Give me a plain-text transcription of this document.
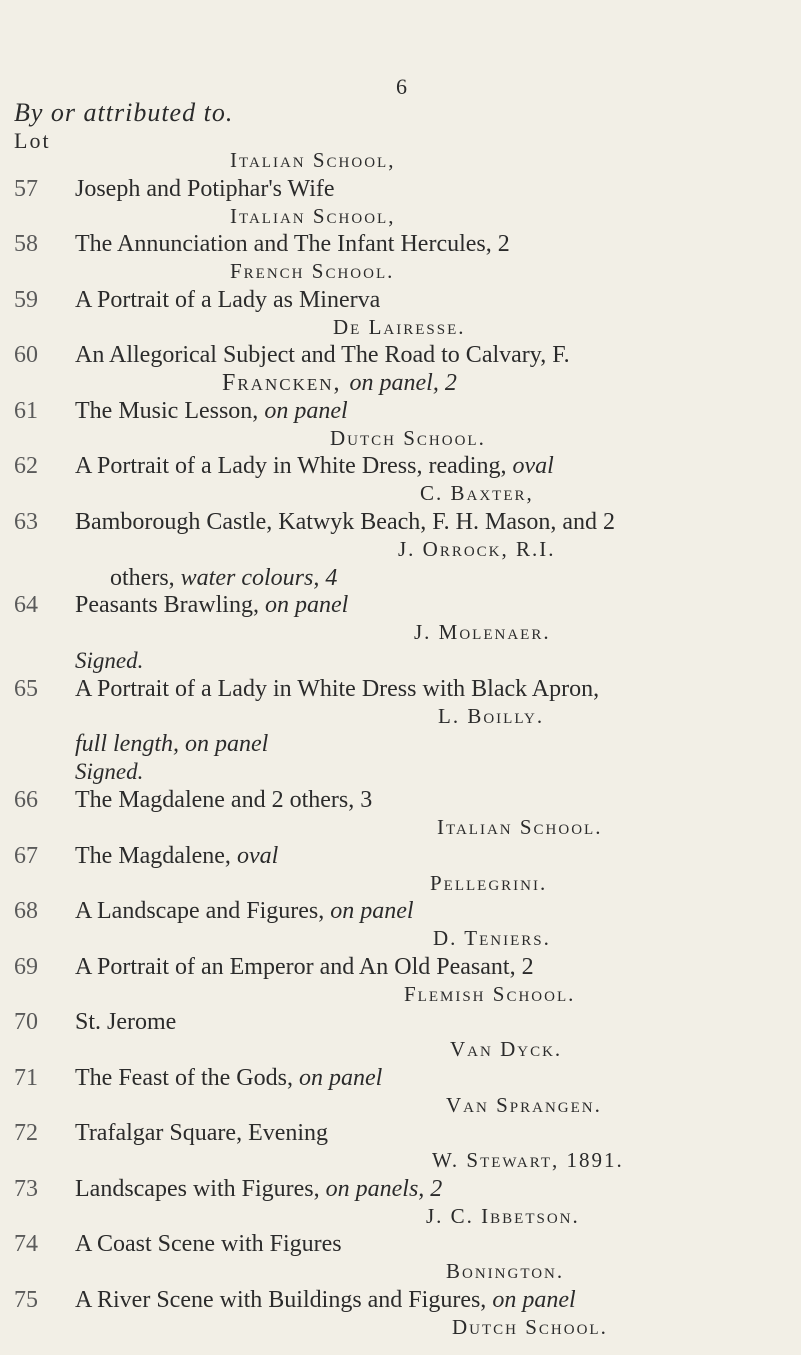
6
By or attributed to.
Lot
Italian School,
Italian School,
French School.
De Lairesse.
Dutch School.
C. Baxter,
J. Orrock, R.I.
J. Molenaer.
L. Boilly.
Italian School.
Pellegrini.
D. Teniers.
Flemish School.
Van Dyck.
Van Sprangen.
W. Stewart, 1891.
J. C. Ibbetson.
Bonington.
Dutch School.
57 Joseph and Potiphar's Wife
58 The Annunciation and The Infant Hercules, 2
59 A Portrait of a Lady as Minerva
60 An Allegorical Subject and The Road to Calvary, F.
61 The Music Lesson, on panel
62 A Portrait of a Lady in White Dress, reading, oval
63 Bamborough Castle, Katwyk Beach, F. H. Mason, and 2
64 Peasants Brawling, on panel
65 A Portrait of a Lady in White Dress with Black Apron,
66 The Magdalene and 2 others, 3
67 The Magdalene, oval
68 A Landscape and Figures, on panel
69 A Portrait of an Emperor and An Old Peasant, 2
70 St. Jerome
71 The Feast of the Gods, on panel
72 Trafalgar Square, Evening
73 Landscapes with Figures, on panels, 2
74 A Coast Scene with Figures
75 A River Scene with Buildings and Figures, on panel
Francken, on panel, 2
others, water colours, 4
full length, on panel
Signed.
Signed.
